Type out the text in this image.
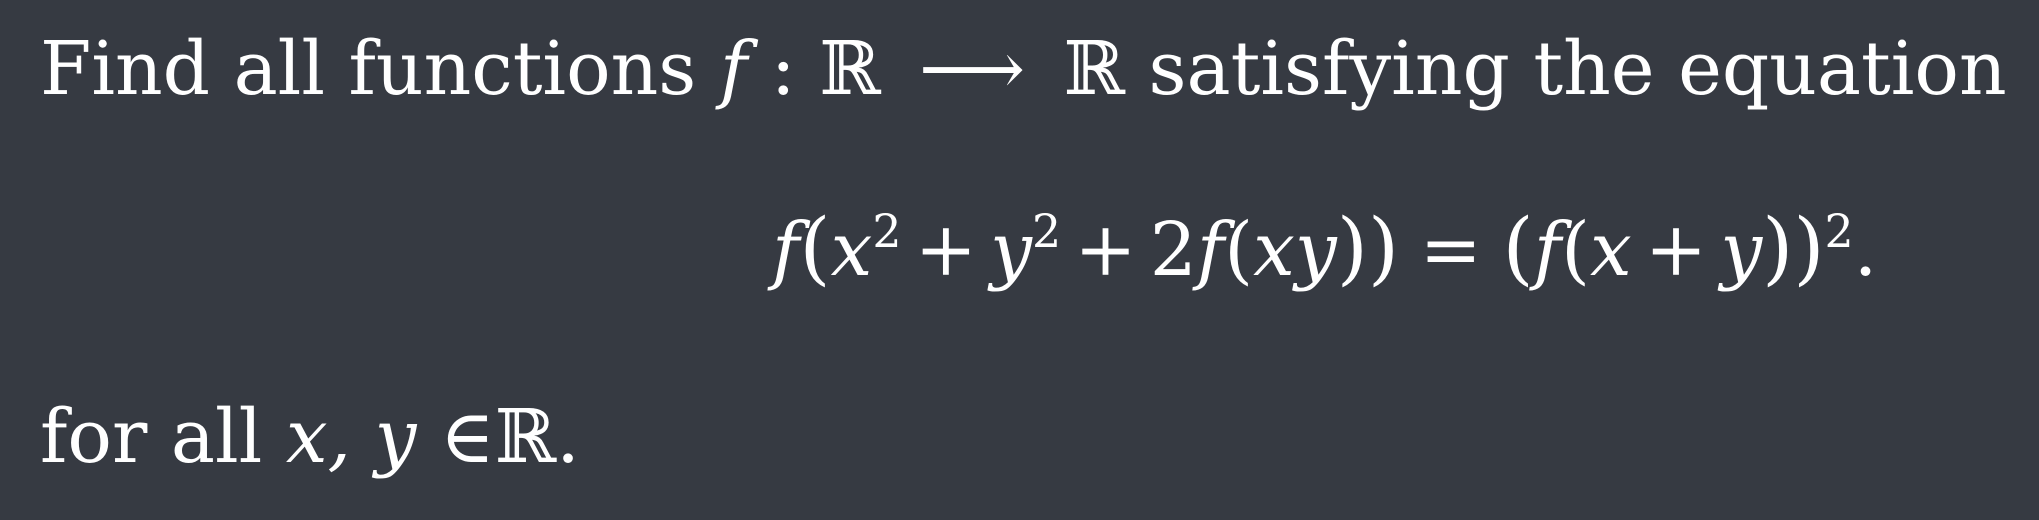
Find all functions f : ℝ ⟶ ℝ satisfying the equation
$f(x^2 + y^2 + 2f(xy)) = (f(x + y))^2$.
for all x, y ∈ℝ.
